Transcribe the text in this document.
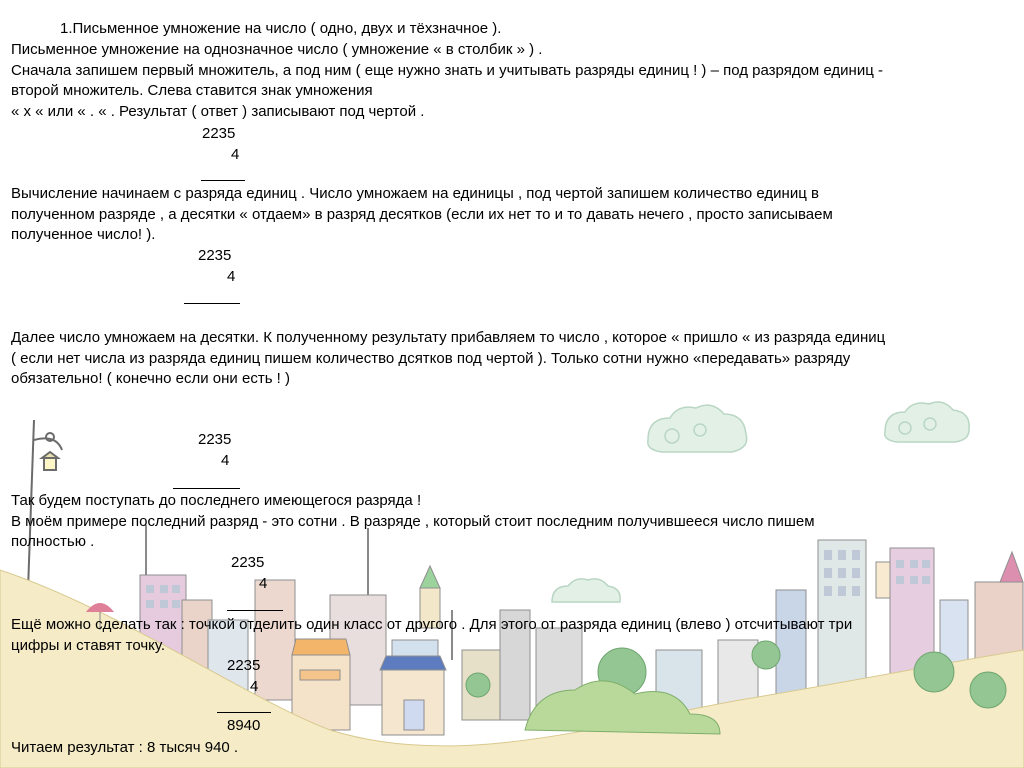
1.Письменное умножение на число ( одно, двух и тёхзначное ).
Письменное умножение на однозначное число ( умножение « в столбик » ) .
Сначала запишем первый множитель, а под ним ( еще нужно знать и учитывать разряды единиц ! ) – под разрядом единиц -
второй множитель. Слева ставится знак умножения
« х « или « . « . Результат ( ответ ) записывают под чертой .
2235
4
Вычисление начинаем с разряда единиц . Число умножаем на единицы , под чертой запишем количество единиц в
полученном разряде , а десятки « отдаем» в разряд десятков (если их нет то и то давать нечего , просто записываем
полученное число! ).
2235
4
Далее число умножаем на десятки. К полученному результату прибавляем то число , которое « пришло « из разряда единиц
( если нет числа из разряда единиц пишем количество дсятков под чертой ). Только сотни нужно «передавать» разряду
обязательно! ( конечно если они есть ! )
2235
4
Так будем поступать до последнего имеющегося разряда !
В моём примере последний разряд - это сотни . В разряде , который стоит последним получившееся число пишем
полностью .
2235
4
Ещё можно сделать так : точкой отделить один класс от другого . Для этого от разряда единиц (влево ) отсчитывают три
цифры и ставят точку.
2235
4
8940
Читаем результат : 8 тысяч 940 .
